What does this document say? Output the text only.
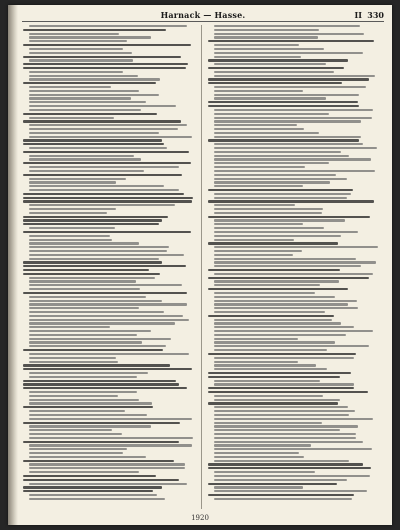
Harnack — Hasse.	II 330
1920
